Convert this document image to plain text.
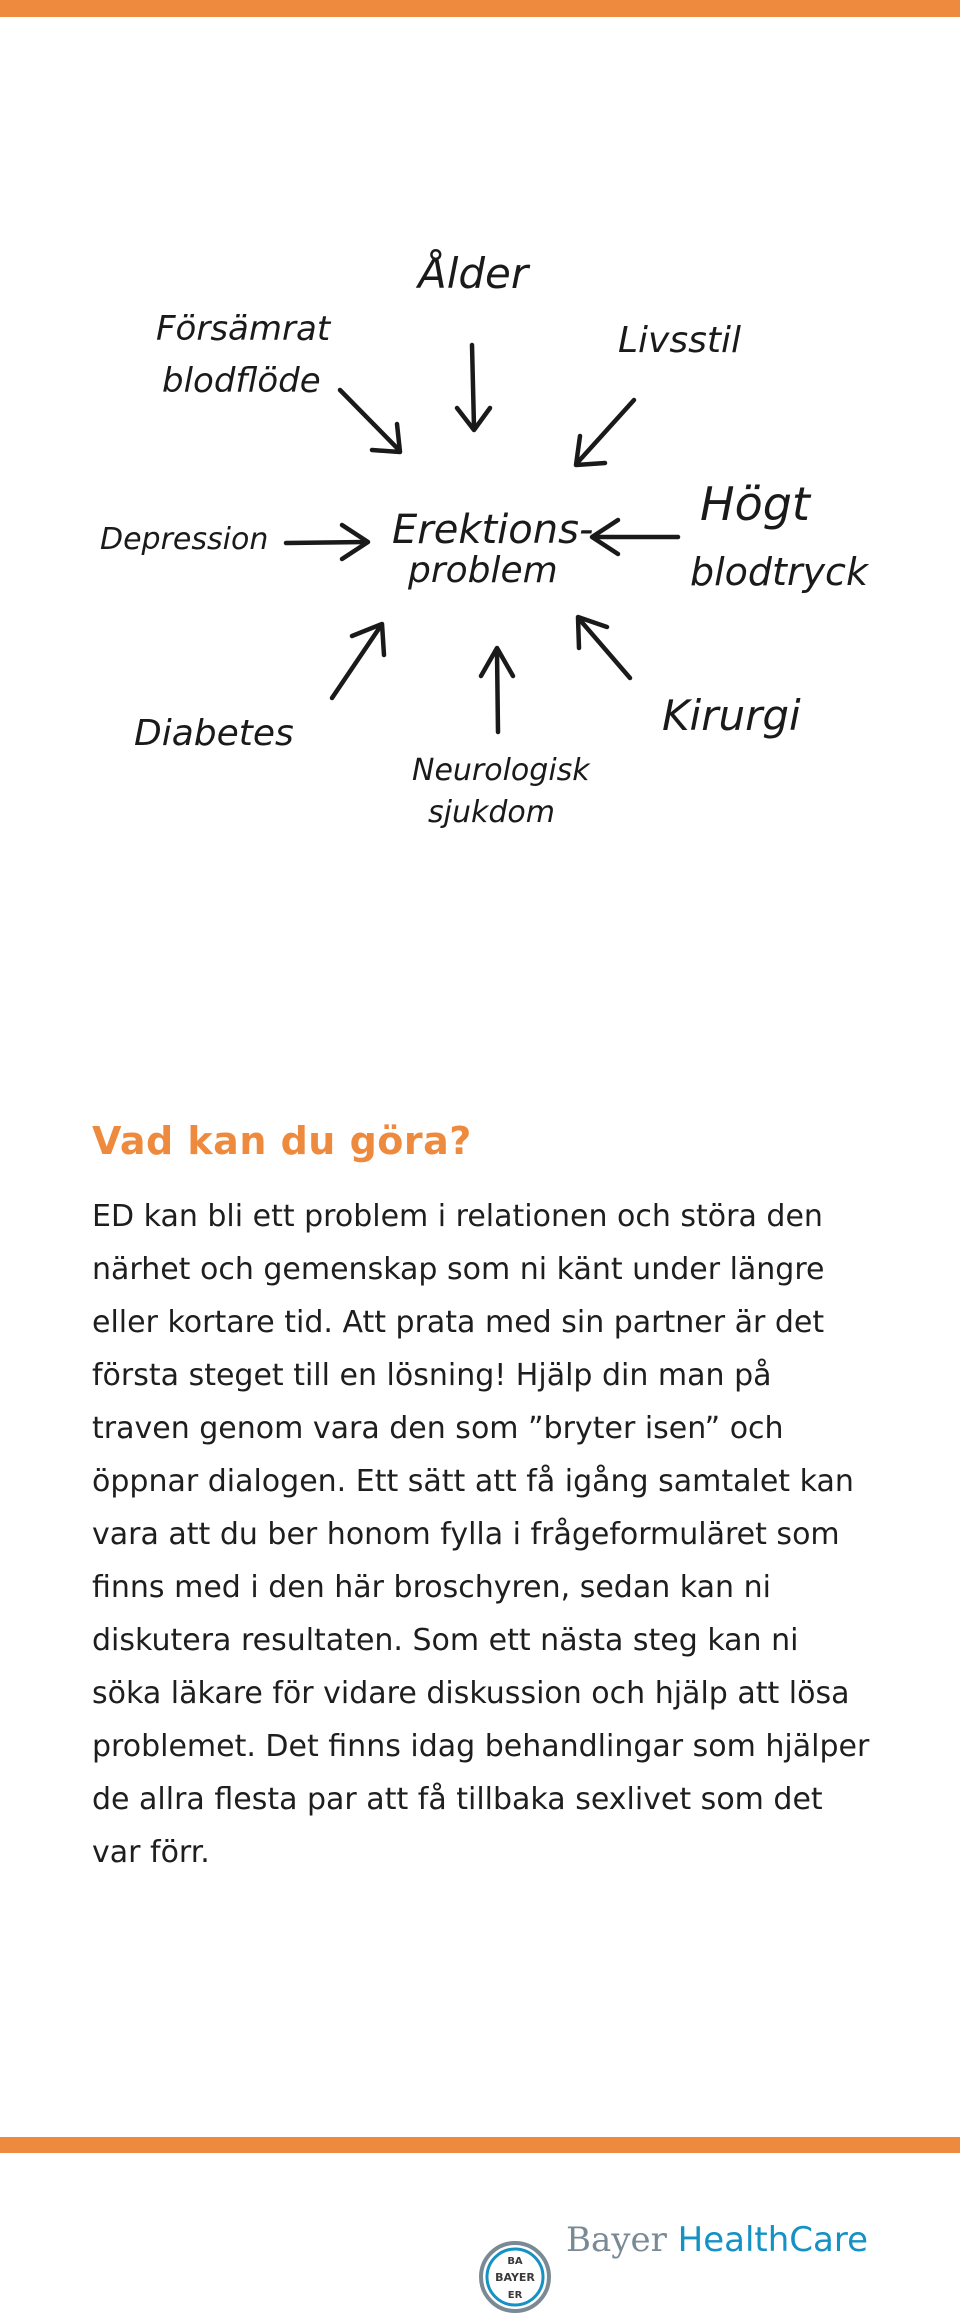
Erektions-
problem
Ålder
Försämrat
blodflöde
Livsstil
Högt
blodtryck
Depression
Diabetes
Neurologisk
sjukdom
Kirurgi
Vad kan du göra?

ED kan bli ett problem i relationen och störa den närhet och gemenskap som ni känt under längre eller kortare tid. Att prata med sin partner är det första steget till en lösning! Hjälp din man på traven genom vara den som ”bryter isen” och öppnar dialogen. Ett sätt att få igång samtalet kan vara att du ber honom fylla i frågeformuläret som finns med i den här broschyren, sedan kan ni diskutera resultaten. Som ett nästa steg kan ni söka läkare för vidare diskussion och hjälp att lösa problemet. Det finns idag behandlingar som hjälper de allra flesta par att få tillbaka sexlivet som det var förr.

BA
BAYER
ER
Bayer HealthCare
